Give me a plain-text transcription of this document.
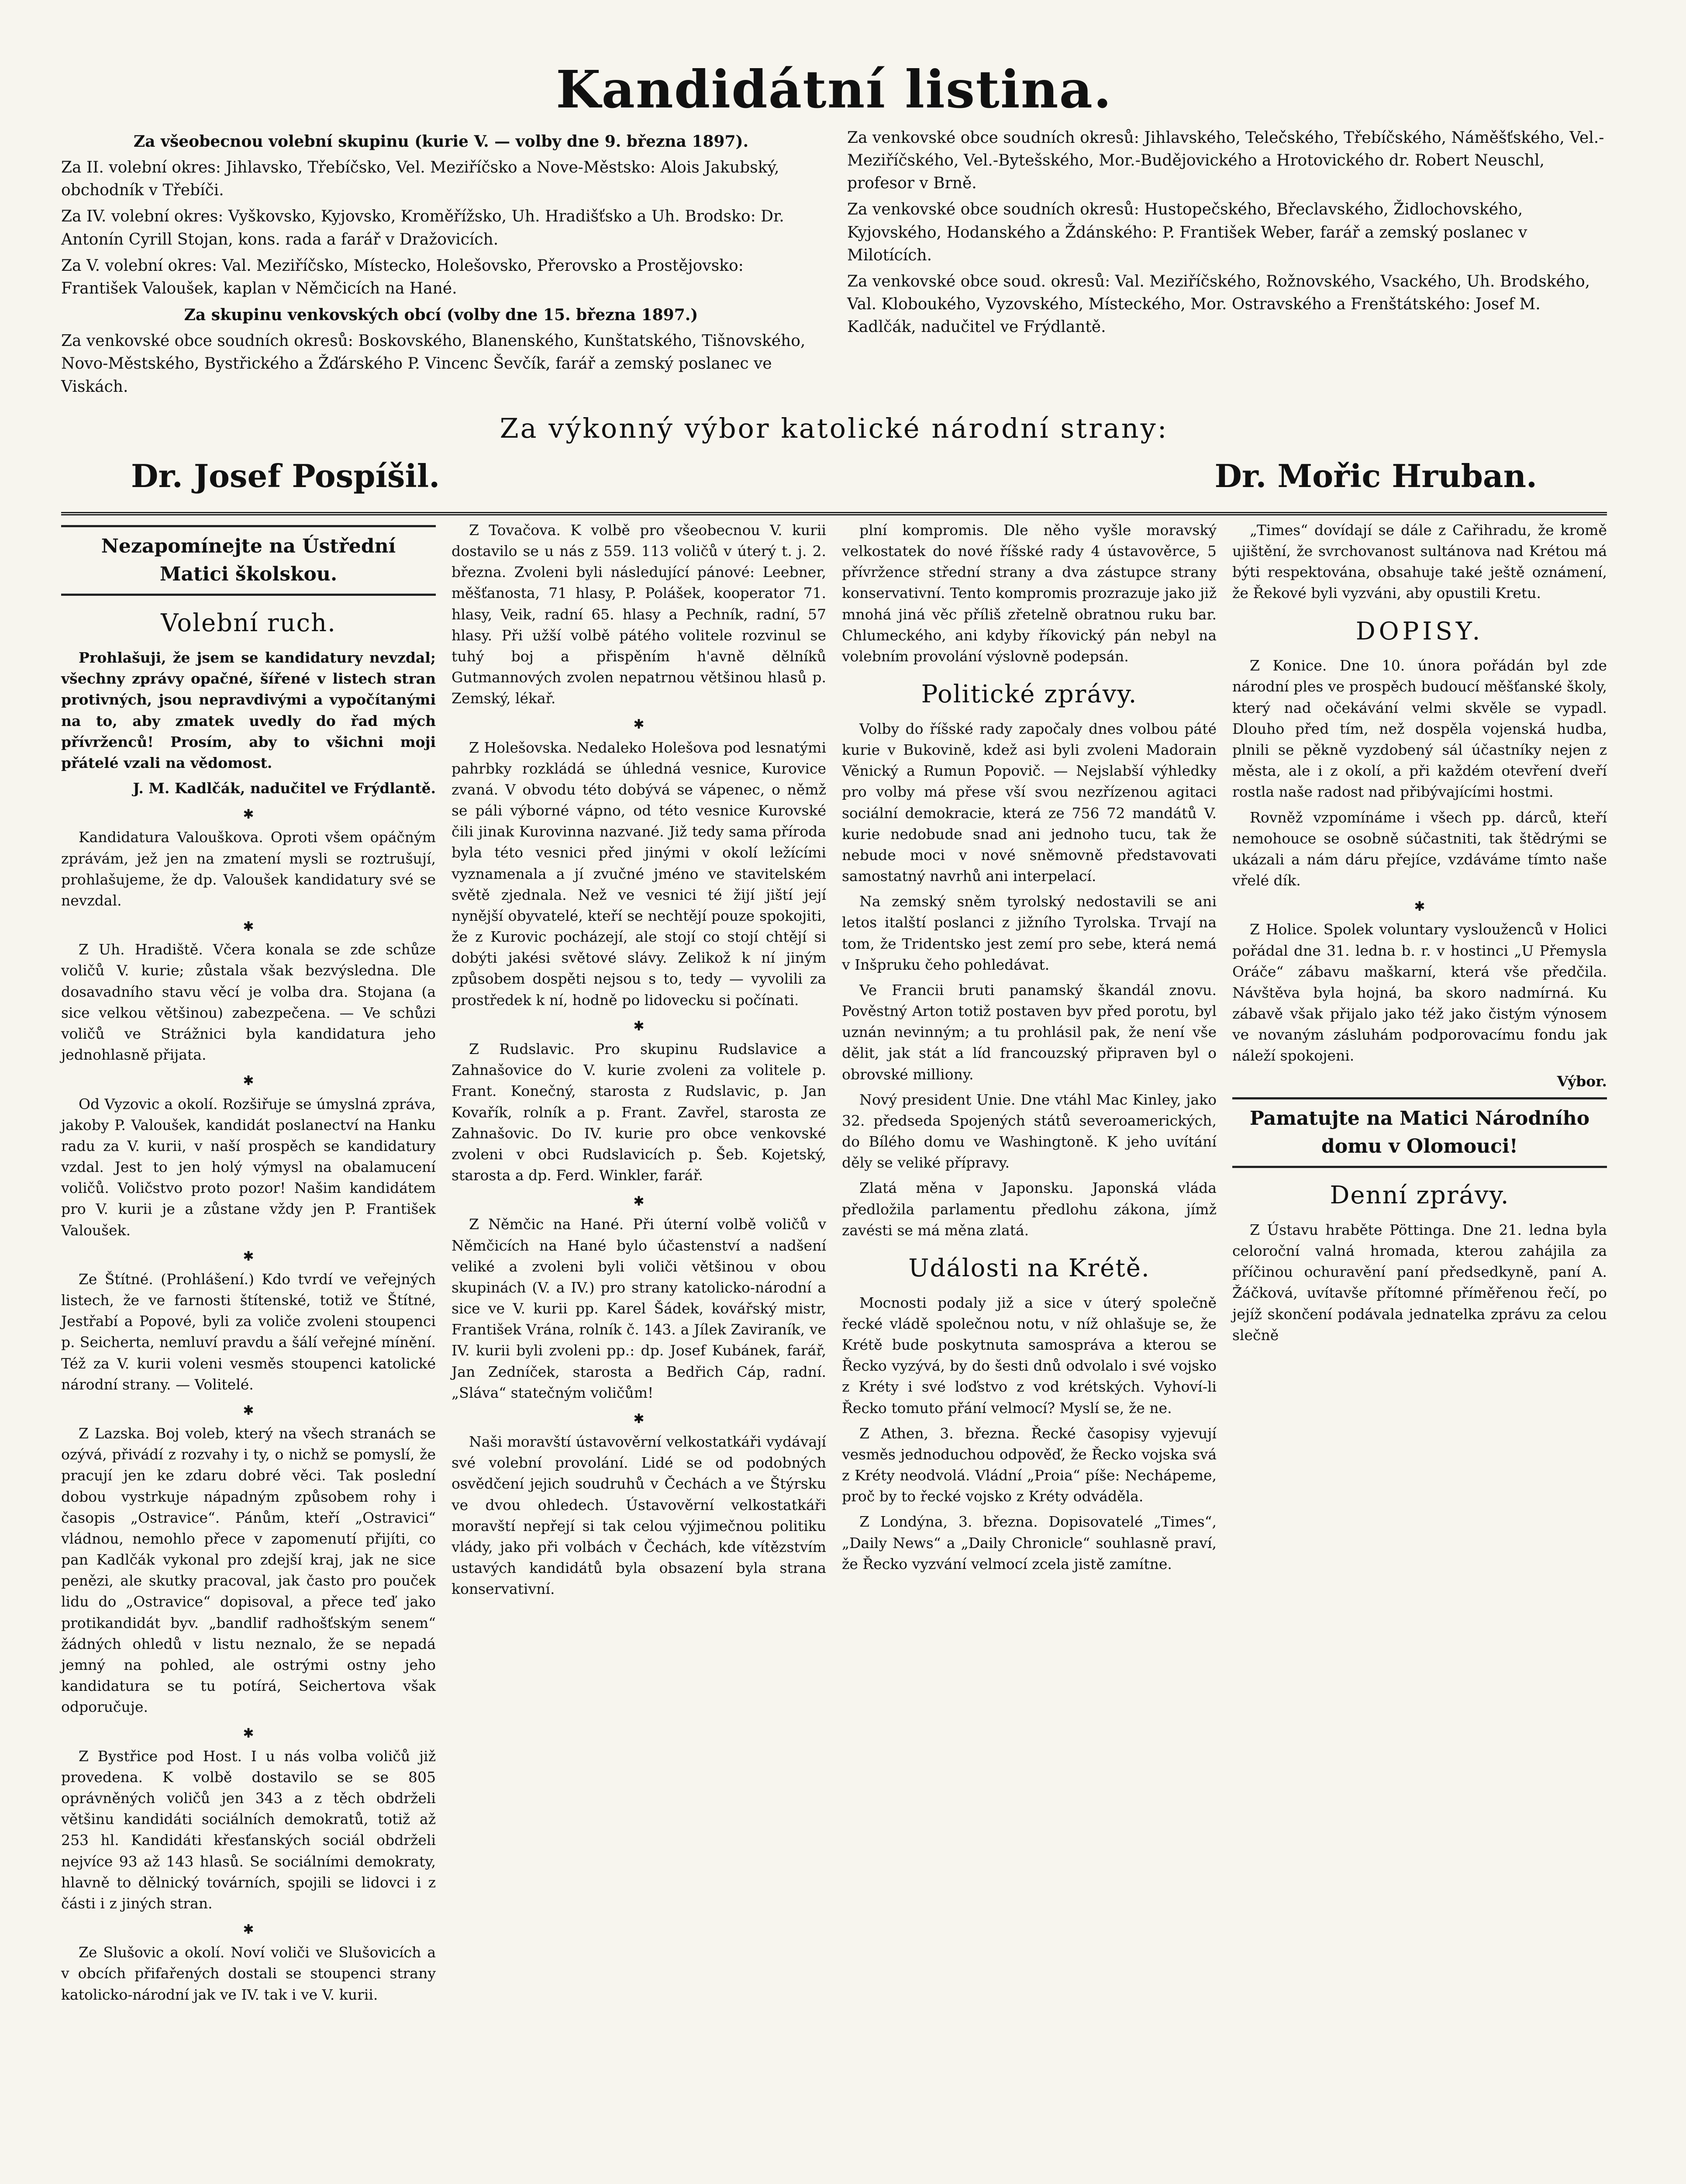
Kandidátní listina.

Za všeobecnou volební skupinu (kurie V. — volby dne 9. března 1897).

Za II. volební okres: Jihlavsko, Třebíčsko, Vel. Meziříčsko a Nove-Městsko: Alois Jakubský, obchodník v Třebíči.

Za IV. volební okres: Vyškovsko, Kyjovsko, Kroměřížsko, Uh. Hradišťsko a Uh. Brodsko: Dr. Antonín Cyrill Stojan, kons. rada a farář v Dražovicích.

Za V. volební okres: Val. Meziříčsko, Místecko, Holešovsko, Přerovsko a Prostějovsko: František Valoušek, kaplan v Němčicích na Hané.

Za skupinu venkovských obcí (volby dne 15. března 1897.)

Za venkovské obce soudních okresů: Boskovského, Blanenského, Kunštatského, Tišnovského, Novo-Městského, Bystřického a Žďárského P. Vincenc Ševčík, farář a zemský poslanec ve Viskách.

Za venkovské obce soudních okresů: Jihlavského, Telečského, Třebíčského, Náměšťského, Vel.-Meziříčského, Vel.-Bytešského, Mor.-Budějovického a Hrotovického dr. Robert Neuschl, profesor v Brně.

Za venkovské obce soudních okresů: Hustopečského, Břeclavského, Židlochovského, Kyjovského, Hodanského a Ždánského: P. František Weber, farář a zemský poslanec v Milotících.

Za venkovské obce soud. okresů: Val. Meziříčského, Rožnovského, Vsackého, Uh. Brodského, Val. Kloboukého, Vyzovského, Místeckého, Mor. Ostravského a Frenštátského: Josef M. Kadlčák, nadučitel ve Frýdlantě.

Za výkonný výbor katolické národní strany:
Dr. Josef Pospíšil.	Dr. Mořic Hruban.
Nezapomínejte na Ústřední Matici školskou.
Volební ruch.

Prohlašuji, že jsem se kandidatury nevzdal; všechny zprávy opačné, šířené v listech stran protivných, jsou nepravdivými a vypočítanými na to, aby zmatek uvedly do řad mých přívrženců! Prosím, aby to všichni moji přátelé vzali na vědomost.

J. M. Kadlčák, nadučitel ve Frýdlantě.

✱

Kandidatura Valouškova. Oproti všem opáčným zprávám, jež jen na zmatení mysli se roztrušují, prohlašujeme, že dp. Valoušek kandidatury své se nevzdal.

✱

Z Uh. Hradiště. Včera konala se zde schůze voličů V. kurie; zůstala však bezvýsledna. Dle dosavadního stavu věcí je volba dra. Stojana (a sice velkou většinou) zabezpečena. — Ve schůzi voličů ve Strážnici byla kandidatura jeho jednohlasně přijata.

✱

Od Vyzovic a okolí. Rozšiřuje se úmyslná zpráva, jakoby P. Valoušek, kandidát poslanectví na Hanku radu za V. kurii, v naší prospěch se kandidatury vzdal. Jest to jen holý výmysl na obalamucení voličů. Voličstvo proto pozor! Našim kandidátem pro V. kurii je a zůstane vždy jen P. František Valoušek.

✱

Ze Štítné. (Prohlášení.) Kdo tvrdí ve veřejných listech, že ve farnosti štítenské, totiž ve Štítné, Jestřabí a Popové, byli za voliče zvoleni stoupenci p. Seicherta, nemluví pravdu a šálí veřejné mínění. Též za V. kurii voleni vesměs stoupenci katolické národní strany. — Volitelé.

✱

Z Lazska. Boj voleb, který na všech stranách se ozývá, přivádí z rozvahy i ty, o nichž se pomyslí, že pracují jen ke zdaru dobré věci. Tak poslední dobou vystrkuje nápadným způsobem rohy i časopis „Ostravice“. Pánům, kteří „Ostravici“ vládnou, nemohlo přece v zapomenutí přijíti, co pan Kadlčák vykonal pro zdejší kraj, jak ne sice penězi, ale skutky pracoval, jak často pro pouček lidu do „Ostravice“ dopisoval, a přece teď jako protikandidát byv. „bandlif radhošťským senem“ žádných ohledů v listu neznalo, že se nepadá jemný na pohled, ale ostrými ostny jeho kandidatura se tu potírá, Seichertova však odporučuje.

✱

Z Bystřice pod Host. I u nás volba voličů již provedena. K volbě dostavilo se se 805 oprávněných voličů jen 343 a z těch obdrželi většinu kandidáti sociálních demokratů, totiž až 253 hl. Kandidáti křesťanských sociál obdrželi nejvíce 93 až 143 hlasů. Se sociálními demokraty, hlavně to dělnický továrních, spojili se lidovci i z části i z jiných stran.

✱

Ze Slušovic a okolí. Noví voliči ve Slušovicích a v obcích přifařených dostali se stoupenci strany katolicko-národní jak ve IV. tak i ve V. kurii.

Z Tovačova. K volbě pro všeobecnou V. kurii dostavilo se u nás z 559. 113 voličů v úterý t. j. 2. března. Zvoleni byli následující pánové: Leebner, měšťanosta, 71 hlasy, P. Polášek, kooperator 71. hlasy, Veik, radní 65. hlasy a Pechník, radní, 57 hlasy. Při užší volbě pátého volitele rozvinul se tuhý boj a přispěním h'avně dělníků Gutmannových zvolen nepatrnou většinou hlasů p. Zemský, lékař.

✱

Z Holešovska. Nedaleko Holešova pod lesnatými pahrbky rozkládá se úhledná vesnice, Kurovice zvaná. V obvodu této dobývá se vápenec, o němž se páli výborné vápno, od této vesnice Kurovské čili jinak Kurovinna nazvané. Již tedy sama příroda byla této vesnici před jinými v okolí ležícími vyznamenala a jí zvučné jméno ve stavitelském světě zjednala. Než ve vesnici té žijí jiští její nynější obyvatelé, kteří se nechtějí pouze spokojiti, že z Kurovic pocházejí, ale stojí co stojí chtějí si dobýti jakési světové slávy. Zelikož k ní jiným způsobem dospěti nejsou s to, tedy — vyvolili za prostředek k ní, hodně po lidovecku si počínati.

✱

Z Rudslavic. Pro skupinu Rudslavice a Zahnašovice do V. kurie zvoleni za volitele p. Frant. Konečný, starosta z Rudslavic, p. Jan Kovařík, rolník a p. Frant. Zavřel, starosta ze Zahnašovic. Do IV. kurie pro obce venkovské zvoleni v obci Rudslavicích p. Šeb. Kojetský, starosta a dp. Ferd. Winkler, farář.

✱

Z Němčic na Hané. Při úterní volbě voličů v Němčicích na Hané bylo účastenství a nadšení veliké a zvoleni byli voliči většinou v obou skupinách (V. a IV.) pro strany katolicko-národní a sice ve V. kurii pp. Karel Šádek, kovářský mistr, František Vrána, rolník č. 143. a Jílek Zaviraník, ve IV. kurii byli zvoleni pp.: dp. Josef Kubánek, farář, Jan Zedníček, starosta a Bedřich Cáp, radní. „Sláva“ statečným voličům!

✱

Naši moravští ústavověrní velkostatkáři vydávají své volební provolání. Lidé se od podobných osvědčení jejich soudruhů v Čechách a ve Štýrsku ve dvou ohledech. Ústavověrní velkostatkáři moravští nepřejí si tak celou výjimečnou politiku vlády, jako při volbách v Čechách, kde vítězstvím ustavých kandidátů byla obsazení byla strana konservativní.

plní kompromis. Dle něho vyšle moravský velkostatek do nové říšské rady 4 ústavověrce, 5 přívržence střední strany a dva zástupce strany konservativní. Tento kompromis prozrazuje jako již mnohá jiná věc příliš zřetelně obratnou ruku bar. Chlumeckého, ani kdyby říkovický pán nebyl na volebním provolání výslovně podepsán.

Politické zprávy.

Volby do říšské rady započaly dnes volbou páté kurie v Bukovině, kdež asi byli zvoleni Madorain Věnický a Rumun Popovič. — Nejslabší výhledky pro volby má přese vší svou nezřízenou agitaci sociální demokracie, která ze 756 72 mandátů V. kurie nedobude snad ani jednoho tucu, tak že nebude moci v nové sněmovně představovati samostatný navrhů ani interpelací.

Na zemský sněm tyrolský nedostavili se ani letos italští poslanci z jižního Tyrolska. Trvají na tom, že Tridentsko jest zemí pro sebe, která nemá v Inšpruku čeho pohledávat.

Ve Francii bruti panamský škandál znovu. Pověstný Arton totiž postaven byv před porotu, byl uznán nevinným; a tu prohlásil pak, že není vše dělit, jak stát a líd francouzský připraven byl o obrovské milliony.

Nový president Unie. Dne vtáhl Mac Kinley, jako 32. předseda Spojených států severoamerických, do Bílého domu ve Washingtoně. K jeho uvítání děly se veliké přípravy.

Zlatá měna v Japonsku. Japonská vláda předložila parlamentu předlohu zákona, jímž zavésti se má měna zlatá.

Události na Krétě.

Mocnosti podaly již a sice v úterý společně řecké vládě společnou notu, v níž ohlašuje se, že Krétě bude poskytnuta samospráva a kterou se Řecko vyzývá, by do šesti dnů odvolalo i své vojsko z Kréty i své loďstvo z vod krétských. Vyhoví-li Řecko tomuto přání velmocí? Myslí se, že ne.

Z Athen, 3. března. Řecké časopisy vyjevují vesměs jednoduchou odpověď, že Řecko vojska svá z Kréty neodvolá. Vládní „Proia“ píše: Nechápeme, proč by to řecké vojsko z Kréty odváděla.

Z Londýna, 3. března. Dopisovatelé „Times“, „Daily News“ a „Daily Chronicle“ souhlasně praví, že Řecko vyzvání velmocí zcela jistě zamítne.

„Times“ dovídají se dále z Cařihradu, že kromě ujištění, že svrchovanost sultánova nad Krétou má býti respektována, obsahuje také ještě oznámení, že Řekové byli vyzváni, aby opustili Kretu.

DOPISY.

Z Konice. Dne 10. února pořádán byl zde národní ples ve prospěch budoucí měšťanské školy, který nad očekávání velmi skvěle se vypadl. Dlouho před tím, než dospěla vojenská hudba, plnili se pěkně vyzdobený sál účastníky nejen z města, ale i z okolí, a při každém otevření dveří rostla naše radost nad přibývajícími hostmi.

Rovněž vzpomínáme i všech pp. dárců, kteří nemohouce se osobně súčastniti, tak štědrými se ukázali a nám dáru přejíce, vzdáváme tímto naše vřelé dík.

✱

Z Holice. Spolek voluntary vyslouženců v Holici pořádal dne 31. ledna b. r. v hostinci „U Přemysla Oráče“ zábavu maškarní, která vše předčila. Návštěva byla hojná, ba skoro nadmírná. Ku zábavě však přijalo jako též jako čistým výnosem ve novaným zásluhám podporovacímu fondu jak náleží spokojeni.

Výbor.

Pamatujte na Matici Národního domu v Olomouci!
Denní zprávy.

Z Ústavu hraběte Pöttinga. Dne 21. ledna byla celoroční valná hromada, kterou zahájila za příčinou ochuravění paní předsedkyně, paní A. Žáčková, uvítavše přítomné příměřenou řečí, po jejíž skončení podávala jednatelka zprávu za celou slečně
